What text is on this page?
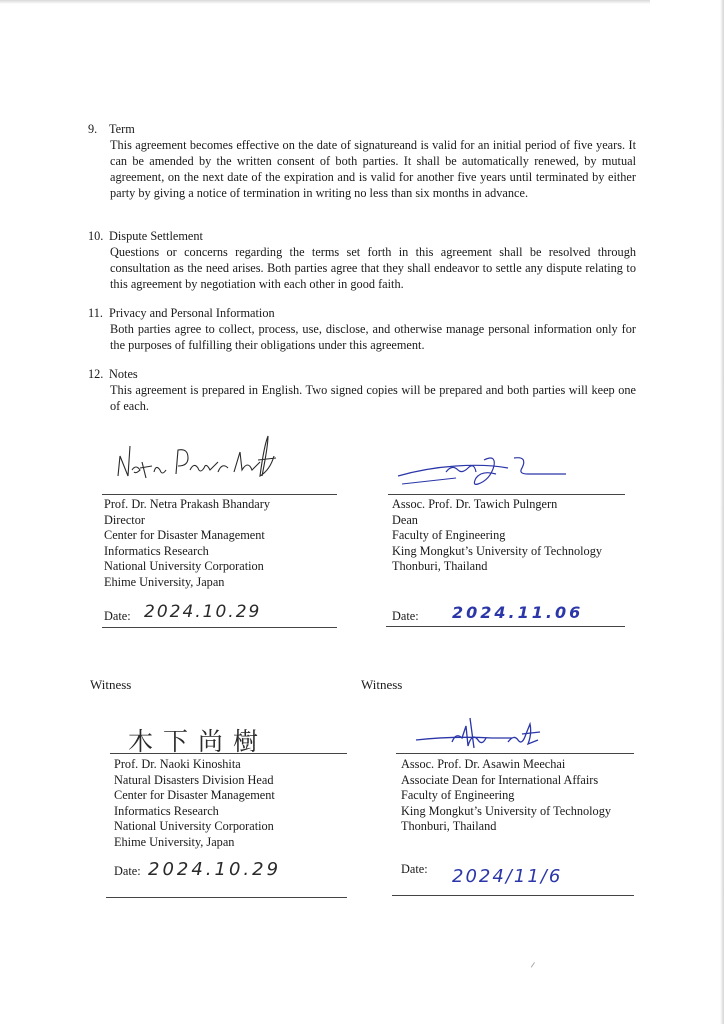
9. Term
This agreement becomes effective on the date of signatureand is valid for an initial period of five years. It can be amended by the written consent of both parties. It shall be automatically renewed, by mutual agreement, on the next date of the expiration and is valid for another five years until terminated by either party by giving a notice of termination in writing no less than six months in advance.
10. Dispute Settlement
Questions or concerns regarding the terms set forth in this agreement shall be resolved through consultation as the need arises. Both parties agree that they shall endeavor to settle any dispute relating to this agreement by negotiation with each other in good faith.
11. Privacy and Personal Information
Both parties agree to collect, process, use, disclose, and otherwise manage personal information only for the purposes of fulfilling their obligations under this agreement.
12. Notes
This agreement is prepared in English. Two signed copies will be prepared and both parties will keep one of each.
Prof. Dr. Netra Prakash Bhandary
Director
Center for Disaster Management
Informatics Research
National University Corporation
Ehime University, Japan
Date: 2024.10.29
Assoc. Prof. Dr. Tawich Pulngern
Dean
Faculty of Engineering
King Mongkut’s University of Technology
Thonburi, Thailand
Date: 2024.11.06
Witness	Witness
木下尚樹
Prof. Dr. Naoki Kinoshita
Natural Disasters Division Head
Center for Disaster Management
Informatics Research
National University Corporation
Ehime University, Japan
Date: 2024.10.29
Assoc. Prof. Dr. Asawin Meechai
Associate Dean for International Affairs
Faculty of Engineering
King Mongkut’s University of Technology
Thonburi, Thailand
Date: 2024/11/6
